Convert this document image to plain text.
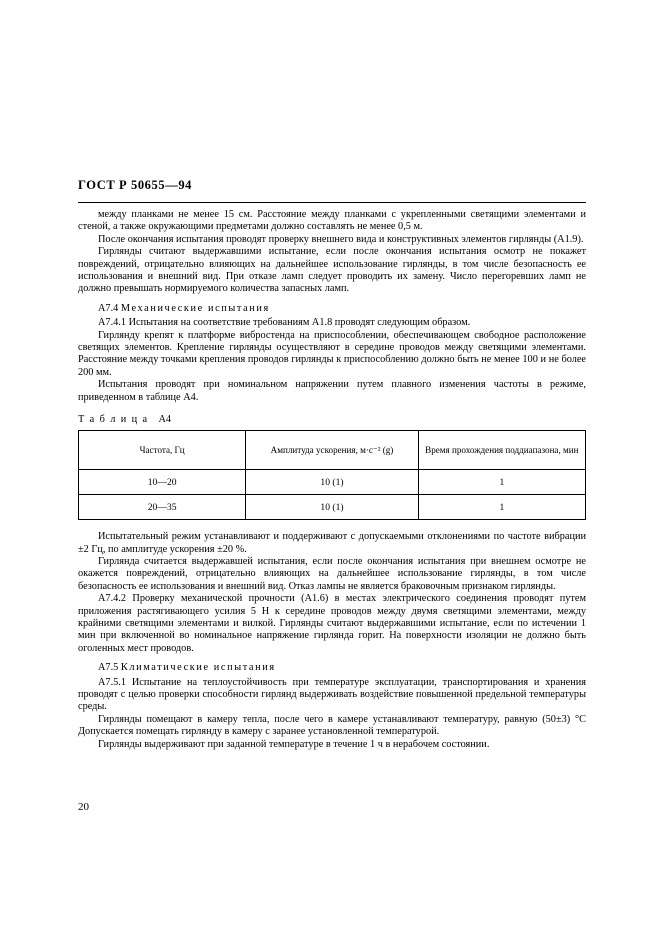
ГОСТ Р 50655—94

между планками не менее 15 см. Расстояние между планками с укрепленными светящими элементами и стеной, а также окружающими предметами должно составлять не менее 0,5 м.

После окончания испытания проводят проверку внешнего вида и конструктивных элементов гирлянды (А1.9).

Гирлянды считают выдержавшими испытание, если после окончания испытания осмотр не покажет повреждений, отрицательно влияющих на дальнейшее использование гирлянды, в том числе безопасность ее использования и внешний вид. При отказе ламп следует проводить их замену. Число перегоревших ламп не должно превышать нормируемого количества запасных ламп.

А7.4 Механические испытания

А7.4.1 Испытания на соответствие требованиям А1.8 проводят следующим образом.

Гирлянду крепят к платформе вибростенда на приспособлении, обеспечивающем свободное расположение светящих элементов. Крепление гирлянды осуществляют в середине проводов между светящими элементами. Расстояние между точками крепления проводов гирлянды к приспособлению должно быть не менее 100 и не более 200 мм.

Испытания проводят при номинальном напряжении путем плавного изменения частоты в режиме, приведенном в таблице А4.

Т а б л и ц а А4
Частота, Гц	Амплитуда ускорения, м·с⁻² (g)	Время прохождения поддиапазона, мин
10—20	10 (1)	1
20—35	10 (1)	1

Испытательный режим устанавливают и поддерживают с допускаемыми отклонениями по частоте вибрации ±2 Гц, по амплитуде ускорения ±20 %.

Гирлянда считается выдержавшей испытания, если после окончания испытания при внешнем осмотре не окажется повреждений, отрицательно влияющих на дальнейшее использование гирлянды, в том числе безопасность ее использования и внешний вид. Отказ лампы не является браковочным признаком гирлянды.

А7.4.2 Проверку механической прочности (А1.6) в местах электрического соединения проводят путем приложения растягивающего усилия 5 Н к середине проводов между двумя светящими элементами, между крайними светящими элементами и вилкой. Гирлянды считают выдержавшими испытание, если по истечении 1 мин при включенной во номинальное напряжение гирлянда горит. На поверхности изоляции не должно быть оголенных мест проводов.

А7.5 Климатические испытания

А7.5.1 Испытание на теплоустойчивость при температуре эксплуатации, транспортирования и хранения проводят с целью проверки способности гирлянд выдерживать воздействие повышенной предельной температуры среды.

Гирлянды помещают в камеру тепла, после чего в камере устанавливают температуру, равную (50±3) °С Допускается помещать гирлянду в камеру с заранее установленной температурой.

Гирлянды выдерживают при заданной температуре в течение 1 ч в нерабочем состоянии.

20
